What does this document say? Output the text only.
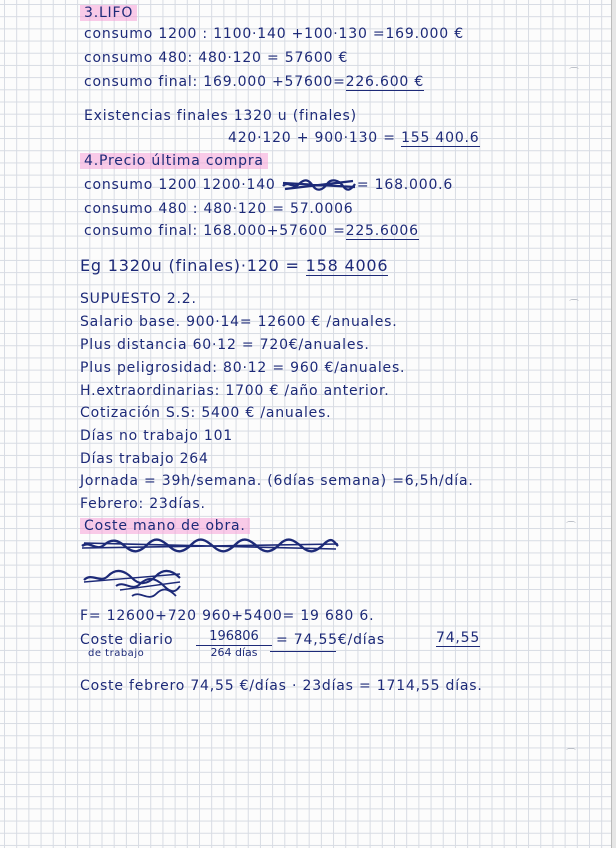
⌒
⌒
⌒
⌒
3.LIFO
consumo 1200 : 1100·140 +100·130 =169.000 €
consumo 480: 480·120 = 57600 €
consumo final: 169.000 +57600=226.600 €
Existencias finales 1320 u (finales)
420·120 + 900·130 = 155 400.6
4.Precio última compra
consumo 1200 1200·140	= 168.000.6
consumo 480 : 480·120 = 57.0006
consumo final: 168.000+57600 =225.6006
Eg 1320u (finales)·120 = 158 4006
SUPUESTO 2.2.
Salario base. 900·14= 12600 € /anuales.
Plus distancia 60·12 = 720€/anuales.
Plus peligrosidad: 80·12 = 960 €/anuales.
H.extraordinarias: 1700 € /año anterior.
Cotización S.S: 5400 € /anuales.
Días no trabajo 101
Días trabajo 264
Jornada = 39h/semana. (6días semana) =6,5h/día.
Febrero: 23días.
Coste mano de obra.
F= 12600+720 960+5400= 19 680 6.
Coste diario
de trabajo
196806
264 días
= 74,55€/días	74,55
Coste febrero 74,55 €/días · 23días = 1714,55 días.
